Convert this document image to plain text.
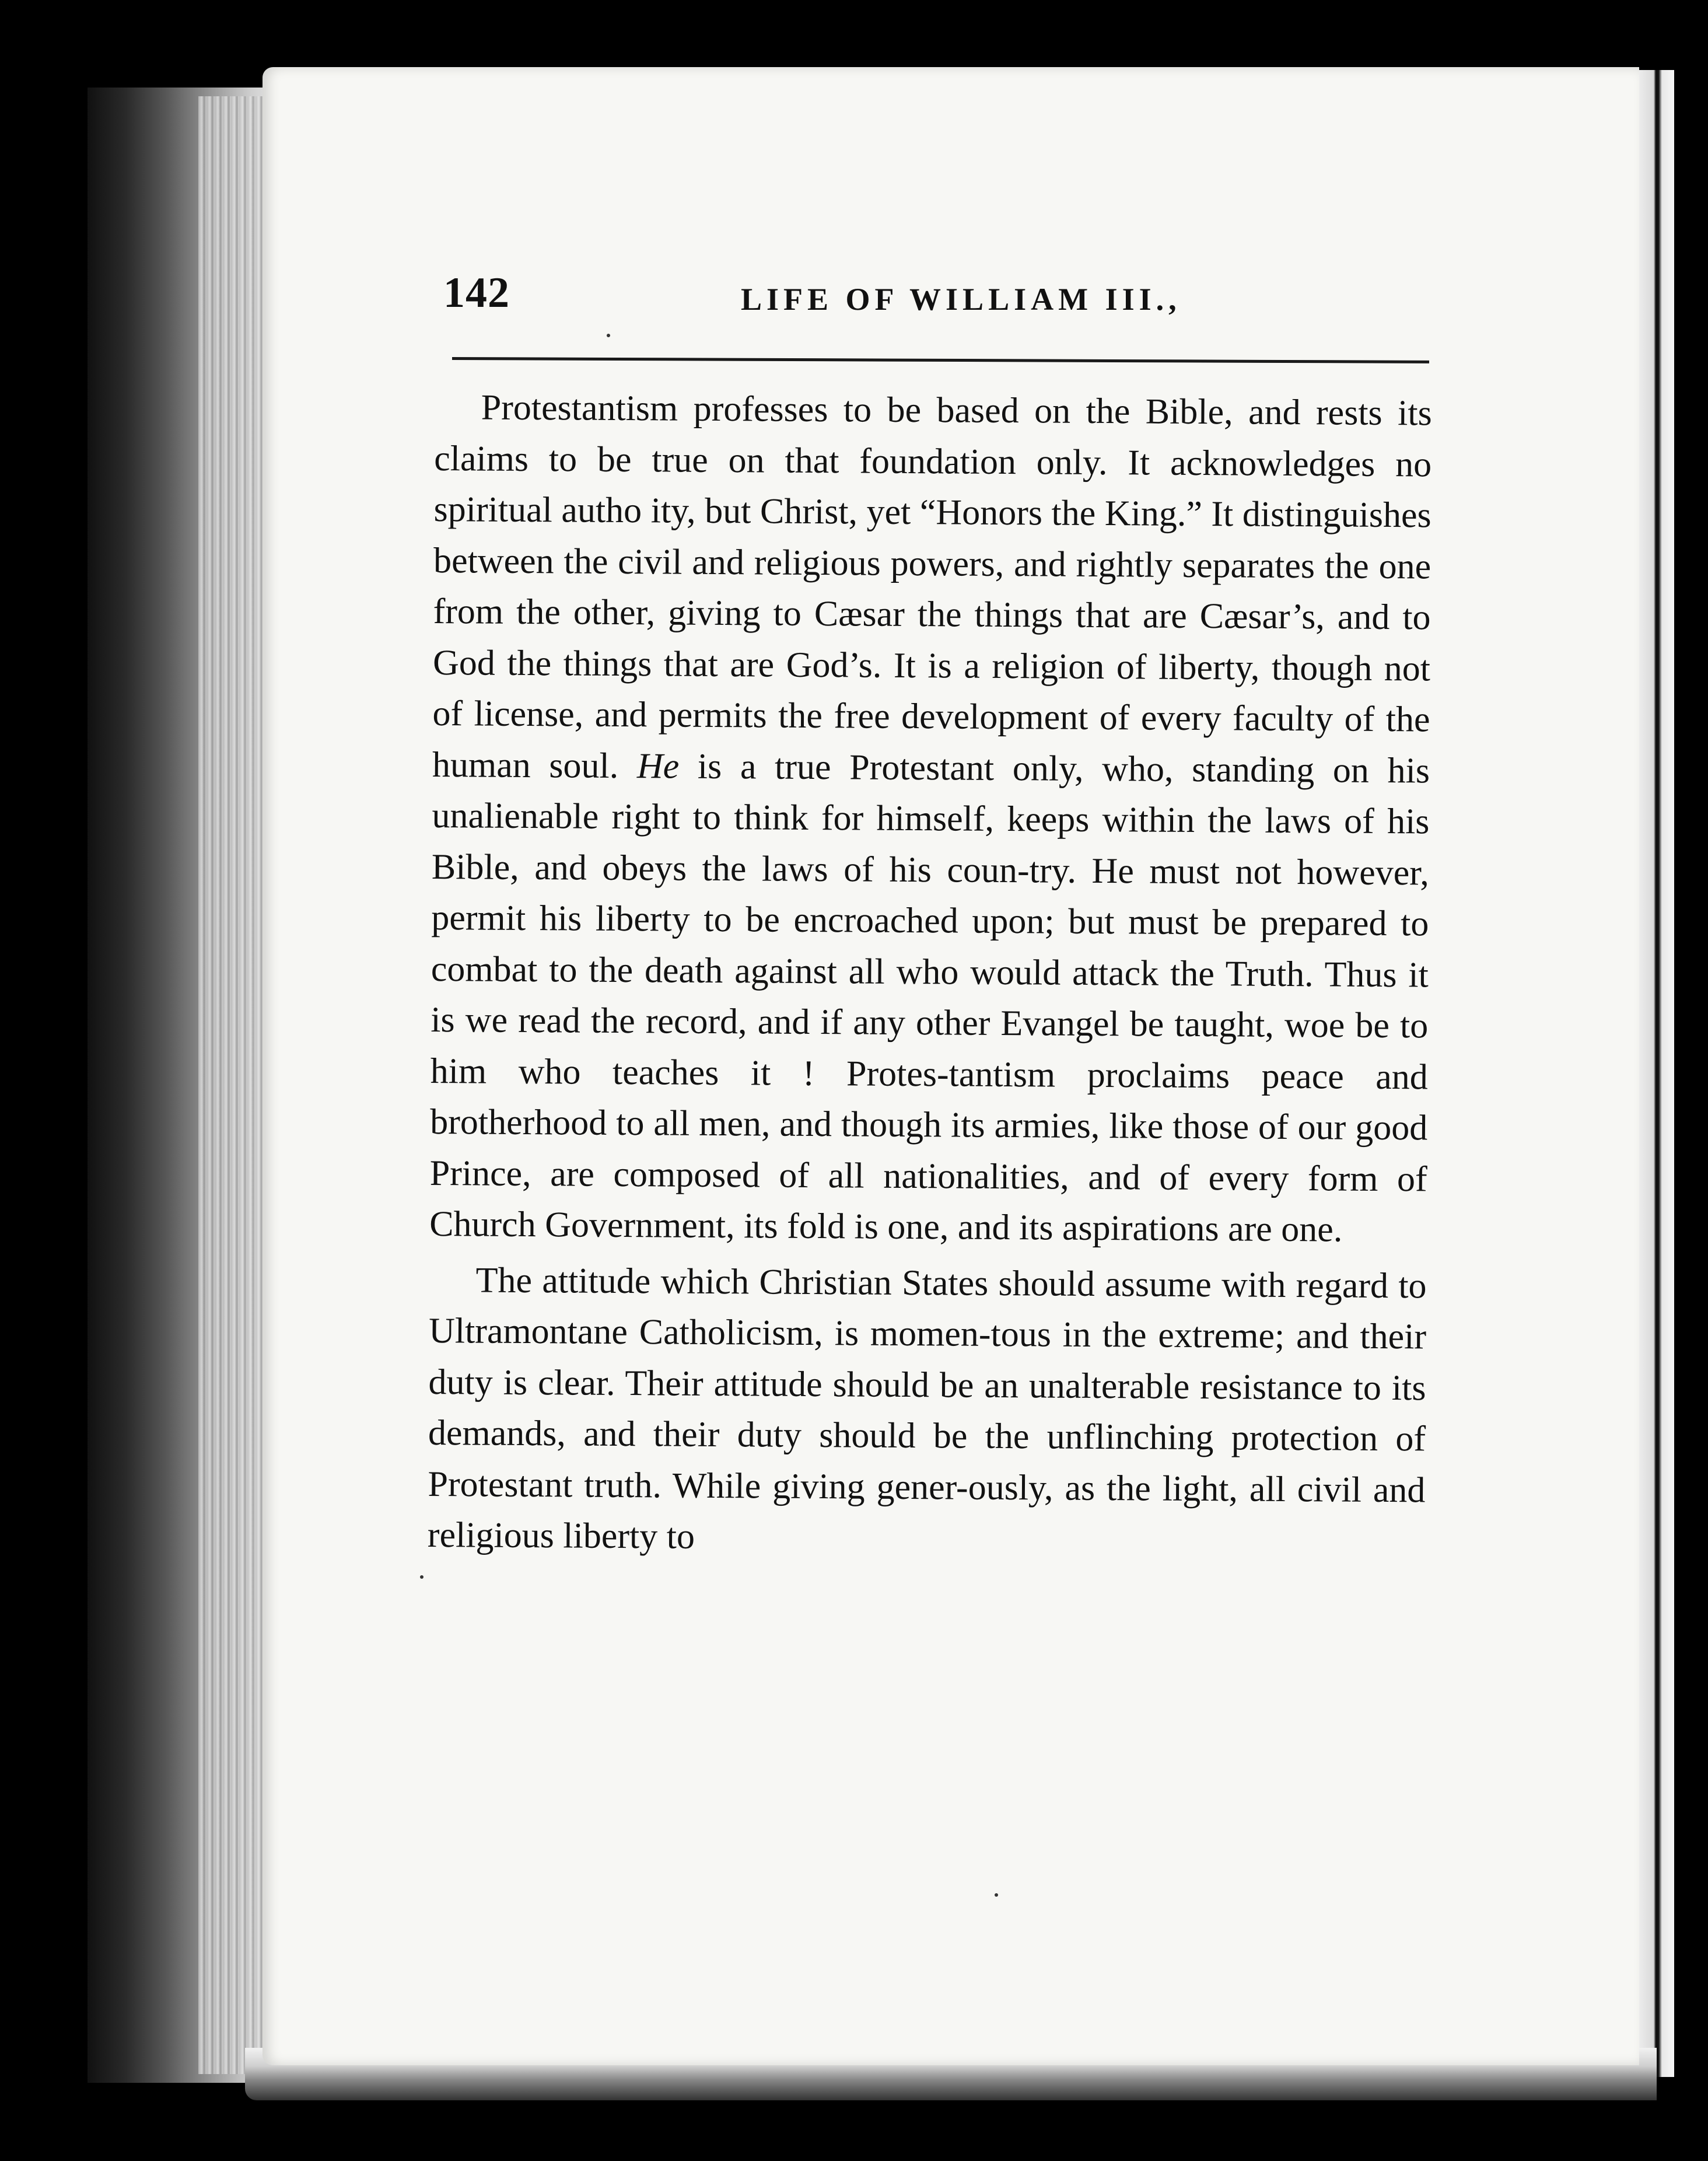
142	LIFE OF WILLIAM III.,

Protestantism professes to be based on the Bible, and rests its claims to be true on that foundation only. It acknowledges no spiritual autho ity, but Christ, yet “Honors the King.” It distinguishes between the civil and religious powers, and rightly separates the one from the other, giving to Cæsar the things that are Cæsar’s, and to God the things that are God’s. It is a religion of liberty, though not of license, and permits the free development of every faculty of the human soul. He is a true Protestant only, who, standing on his unalienable right to think for himself, keeps within the laws of his Bible, and obeys the laws of his coun-try. He must not however, permit his liberty to be encroached upon; but must be prepared to combat to the death against all who would attack the Truth. Thus it is we read the record, and if any other Evangel be taught, woe be to him who teaches it ! Protes-tantism proclaims peace and brotherhood to all men, and though its armies, like those of our good Prince, are composed of all nationalities, and of every form of Church Government, its fold is one, and its aspirations are one.

The attitude which Christian States should assume with regard to Ultramontane Catholicism, is momen-tous in the extreme; and their duty is clear. Their attitude should be an unalterable resistance to its demands, and their duty should be the unflinching protection of Protestant truth. While giving gener-ously, as the light, all civil and religious liberty to
